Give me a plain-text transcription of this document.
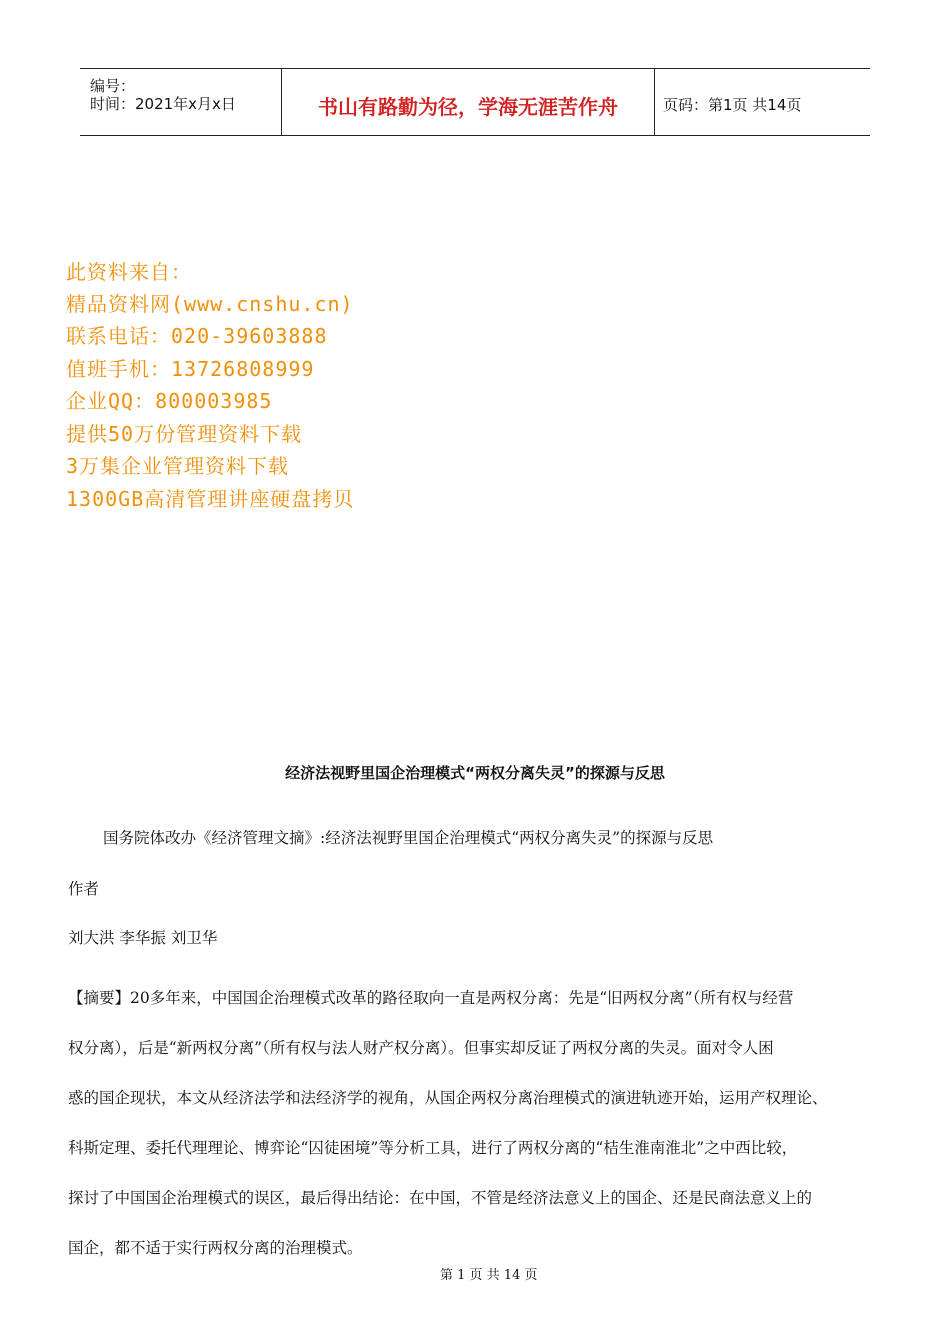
编号：
时间：2021年x月x日	书山有路勤为径，学海无涯苦作舟	页码：第1页 共14页
此资料来自：
精品资料网(www.cnshu.cn)
联系电话：020-39603888
值班手机：13726808999
企业QQ：800003985
提供50万份管理资料下载
3万集企业管理资料下载
1300GB高清管理讲座硬盘拷贝
经济法视野里国企治理模式“两权分离失灵”的探源与反思
国务院体改办《经济管理文摘》:经济法视野里国企治理模式“两权分离失灵”的探源与反思
作者
刘大洪 李华振 刘卫华
【摘要】20多年来，中国国企治理模式改革的路径取向一直是两权分离：先是“旧两权分离”（所有权与经营
权分离），后是“新两权分离”（所有权与法人财产权分离）。但事实却反证了两权分离的失灵。面对令人困
惑的国企现状，本文从经济法学和法经济学的视角，从国企两权分离治理模式的演进轨迹开始，运用产权理论、
科斯定理、委托代理理论、博弈论“囚徒困境”等分析工具，进行了两权分离的“桔生淮南淮北”之中西比较，
探讨了中国国企治理模式的误区，最后得出结论：在中国，不管是经济法意义上的国企、还是民商法意义上的
国企，都不适于实行两权分离的治理模式。
第 1 页 共 14 页
